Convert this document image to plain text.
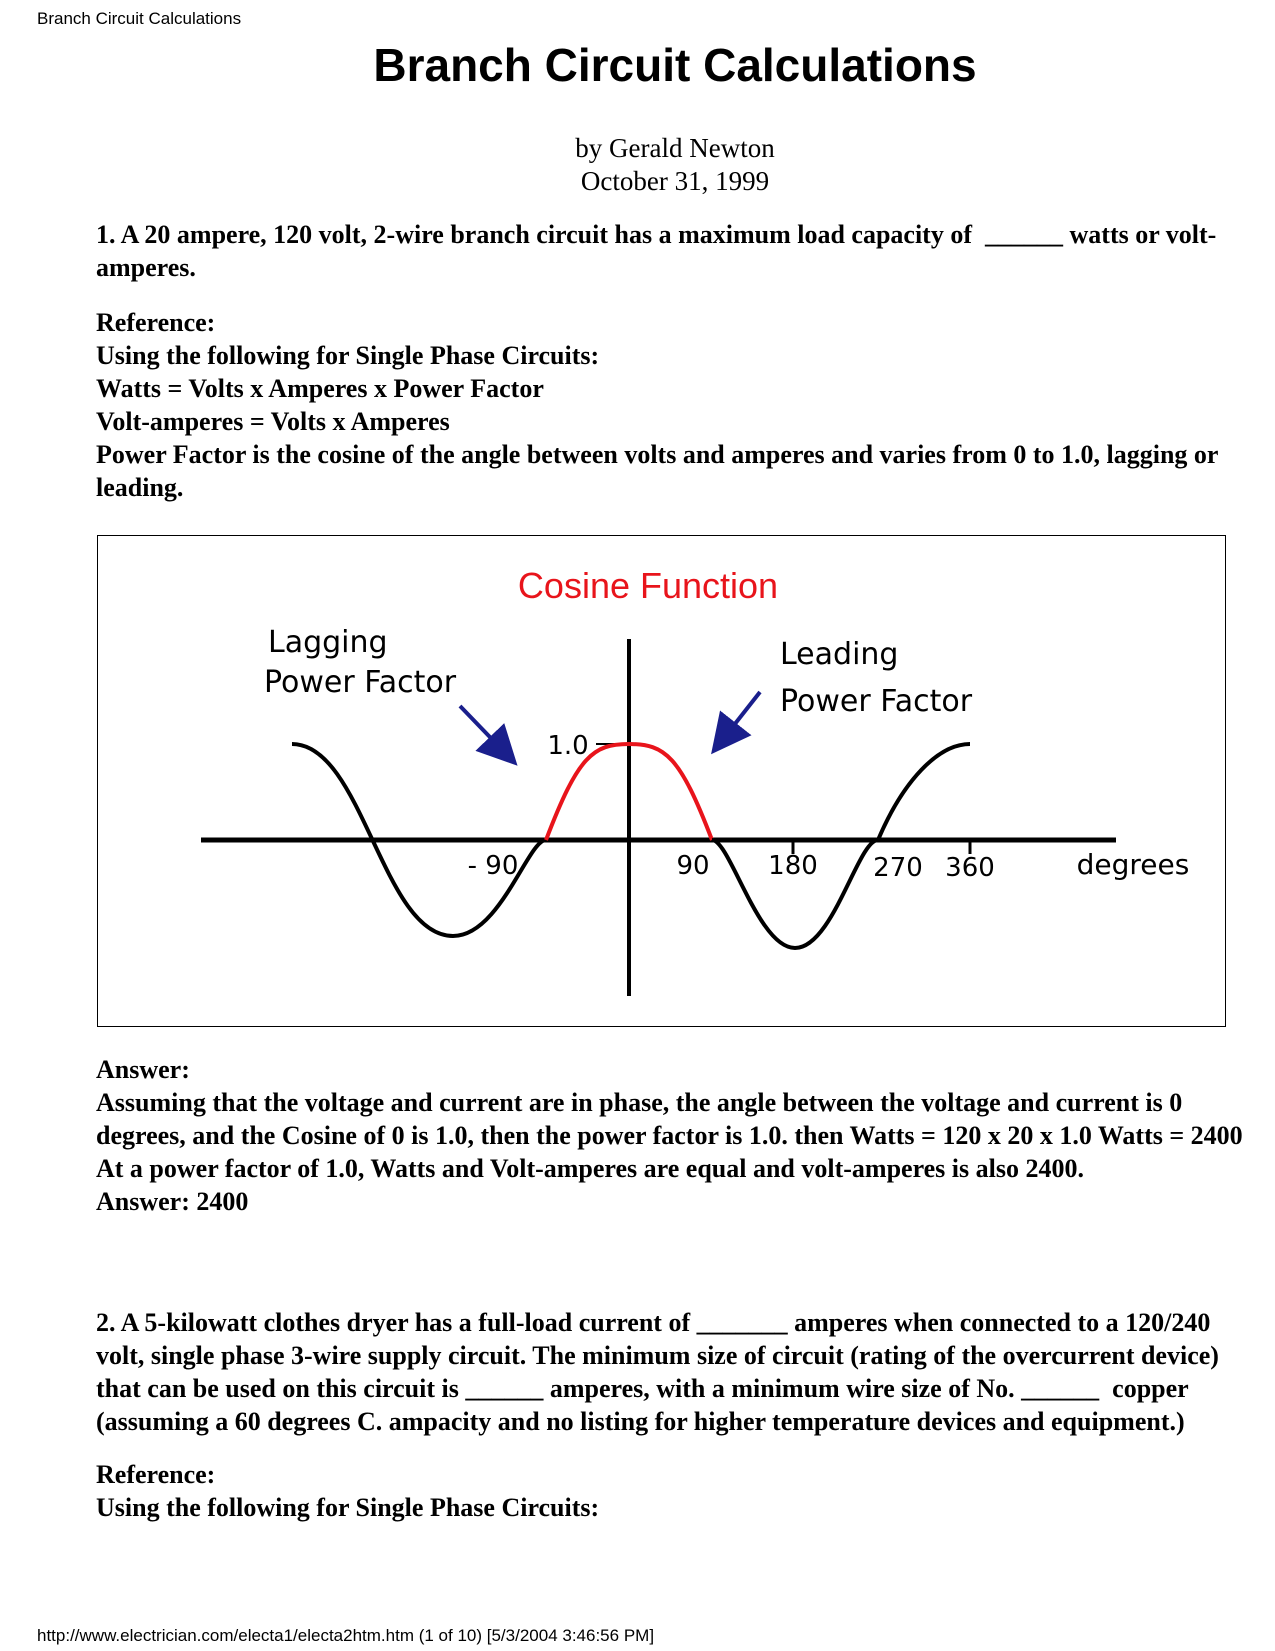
Branch Circuit Calculations
Branch Circuit Calculations
by Gerald Newton
October 31, 1999

1. A 20 ampere, 120 volt, 2-wire branch circuit has a maximum load capacity of ______ watts or volt-amperes.

Reference:

Using the following for Single Phase Circuits:

Watts = Volts x Amperes x Power Factor

Volt-amperes = Volts x Amperes

Power Factor is the cosine of the angle between volts and amperes and varies from 0 to 1.0, lagging or leading.

Cosine Function
Lagging
Power Factor
Leading
Power Factor
1.0
- 90	90 180 270 360	degrees

Answer:

Assuming that the voltage and current are in phase, the angle between the voltage and current is 0 degrees, and the Cosine of 0 is 1.0, then the power factor is 1.0. then Watts = 120 x 20 x 1.0 Watts = 2400 At a power factor of 1.0, Watts and Volt-amperes are equal and volt-amperes is also 2400.

Answer: 2400

2. A 5-kilowatt clothes dryer has a full-load current of _______ amperes when connected to a 120/240 volt, single phase 3-wire supply circuit. The minimum size of circuit (rating of the overcurrent device) that can be used on this circuit is ______ amperes, with a minimum wire size of No. ______ copper (assuming a 60 degrees C. ampacity and no listing for higher temperature devices and equipment.)

Reference:

Using the following for Single Phase Circuits:

http://www.electrician.com/electa1/electa2htm.htm (1 of 10) [5/3/2004 3:46:56 PM]
